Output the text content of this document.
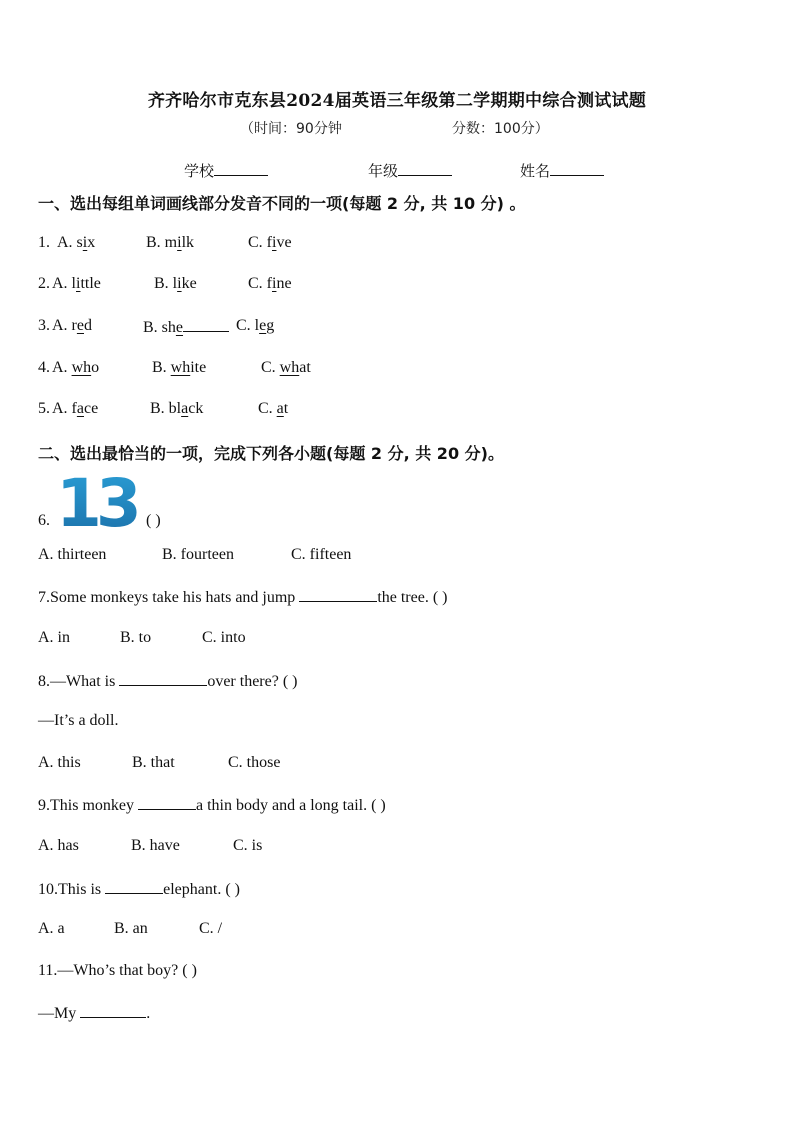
齐齐哈尔市克东县2024届英语三年级第二学期期中综合测试试题
（时间：90分钟	分数：100分）
学校	年级	姓名
一、选出每组单词画线部分发音不同的一项(每题 2 分, 共 10 分) 。
1. A. six	B. milk	C. five
2. A. little	B. like	C. fine
3. A. red	B. she	C. leg
4. A. who	B. white	C. what
5. A. face	B. black	C. at
二、选出最恰当的一项，完成下列各小题(每题 2 分, 共 20 分)。
13
6.	( )
A. thirteen	B. fourteen	C. fifteen
7.Some monkeys take his hats and jump	the tree. ( )
A. in	B. to	C. into
8.—What is	over there? ( )
—It’s a doll.
A. this	B. that	C. those
9.This monkey	a thin body and a long tail. ( )
A. has	B. have	C. is
10.This is	elephant. ( )
A. a	B. an	C. /
11.—Who’s that boy? ( )
—My	.
